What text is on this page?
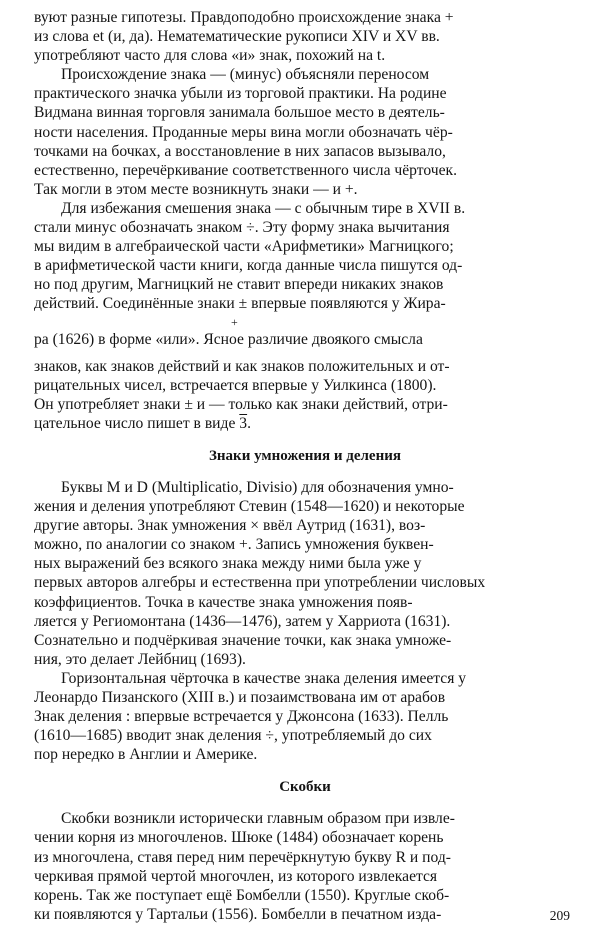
вуют разные гипотезы. Правдоподобно происхождение знака +
из слова et (и, да). Нематематические рукописи XIV и XV вв.
употребляют часто для слова «и» знак, похожий на t.
Происхождение знака — (минус) объясняли переносом
практического значка убыли из торговой практики. На родине
Видмана винная торговля занимала большое место в деятель-
ности населения. Проданные меры вина могли обозначать чёр-
точками на бочках, а восстановление в них запасов вызывало,
естественно, перечёркивание соответственного числа чёрточек.
Так могли в этом месте возникнуть знаки — и +.
Для избежания смешения знака — с обычным тире в XVII в.
стали минус обозначать знаком ÷. Эту форму знака вычитания
мы видим в алгебраической части «Арифметики» Магницкого;
в арифметической части книги, когда данные числа пишутся од-
но под другим, Магницкий не ставит впереди никаких знаков
действий. Соединённые знаки ± впервые появляются у Жира-
+
ра (1626) в форме «или». Ясное различие двоякого смысла
знаков, как знаков действий и как знаков положительных и от-
рицательных чисел, встречается впервые у Уилкинса (1800).
Он употребляет знаки ± и — только как знаки действий, отри-
цательное число пишет в виде 3.
Знаки умножения и деления
Буквы M и D (Multiplicatio, Divisio) для обозначения умно-
жения и деления употребляют Стевин (1548—1620) и некоторые
другие авторы. Знак умножения × ввёл Аутрид (1631), воз-
можно, по аналогии со знаком +. Запись умножения буквен-
ных выражений без всякого знака между ними была уже у
первых авторов алгебры и естественна при употреблении числовых
коэффициентов. Точка в качестве знака умножения появ-
ляется у Региомонтана (1436—1476), затем у Харриота (1631).
Сознательно и подчёркивая значение точки, как знака умноже-
ния, это делает Лейбниц (1693).
Горизонтальная чёрточка в качестве знака деления имеется у
Леонардо Пизанского (XIII в.) и позаимствована им от арабов
Знак деления : впервые встречается у Джонсона (1633). Пелль
(1610—1685) вводит знак деления ÷, употребляемый до сих
пор нередко в Англии и Америке.
Скобки
Скобки возникли исторически главным образом при извле-
чении корня из многочленов. Шюке (1484) обозначает корень
из многочлена, ставя перед ним перечёркнутую букву R и под-
черкивая прямой чертой многочлен, из которого извлекается
корень. Так же поступает ещё Бомбелли (1550). Круглые скоб-
ки появляются у Тартальи (1556). Бомбелли в печатном изда-	209
